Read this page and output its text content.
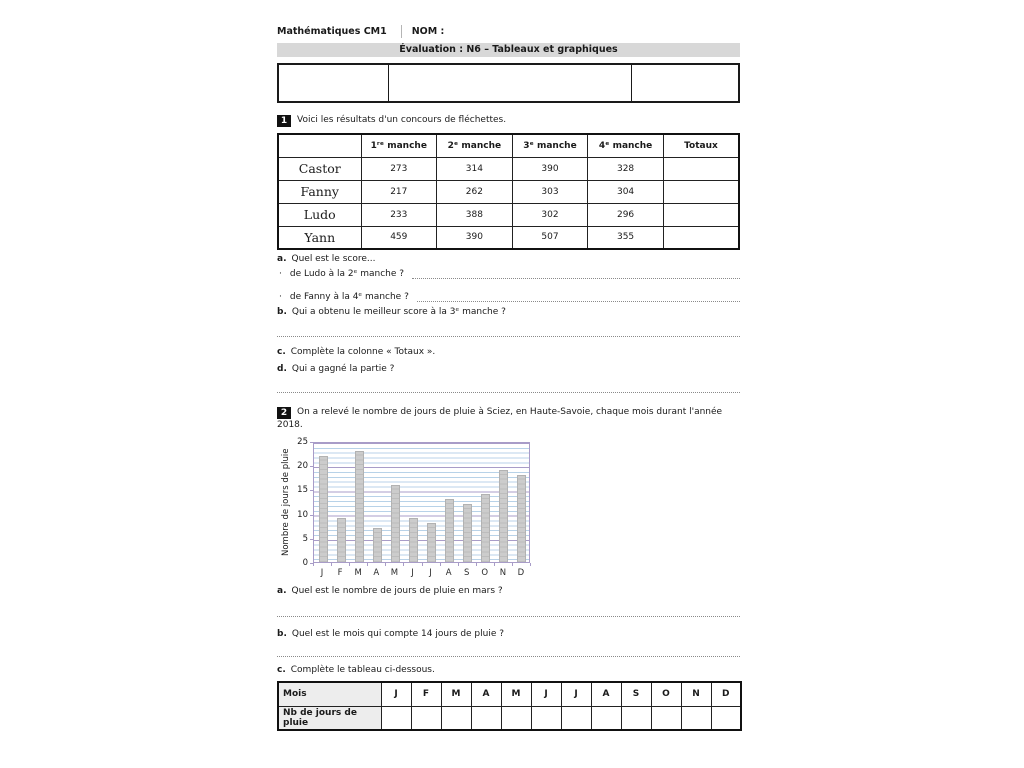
Mathématiques CM1	NOM :
Évaluation : N6 – Tableaux et graphiques
1 Voici les résultats d'un concours de fléchettes.
	1ʳᵉ manche	2ᵉ manche	3ᵉ manche	4ᵉ manche	Totaux
Castor	273	314	390	328	
Fanny	217	262	303	304	
Ludo	233	388	302	296	
Yann	459	390	507	355	
a. Quel est le score...
· de Ludo à la 2ᵉ manche ?
· de Fanny à la 4ᵉ manche ?
b. Qui a obtenu le meilleur score à la 3ᵉ manche ?
c. Complète la colonne « Totaux ».
d. Qui a gagné la partie ?
2 On a relevé le nombre de jours de pluie à Sciez, en Haute-Savoie, chaque mois durant l'année 2018.
Nombre de jours de pluie
J	F	M	A	M	J	J	A	S	O	N	D
0
5
10
15
20
25
a. Quel est le nombre de jours de pluie en mars ?
b. Quel est le mois qui compte 14 jours de pluie ?
c. Complète le tableau ci-dessous.
Mois	J	F	M	A	M	J	J	A	S	O	N	D
Nb de jours de pluie												
